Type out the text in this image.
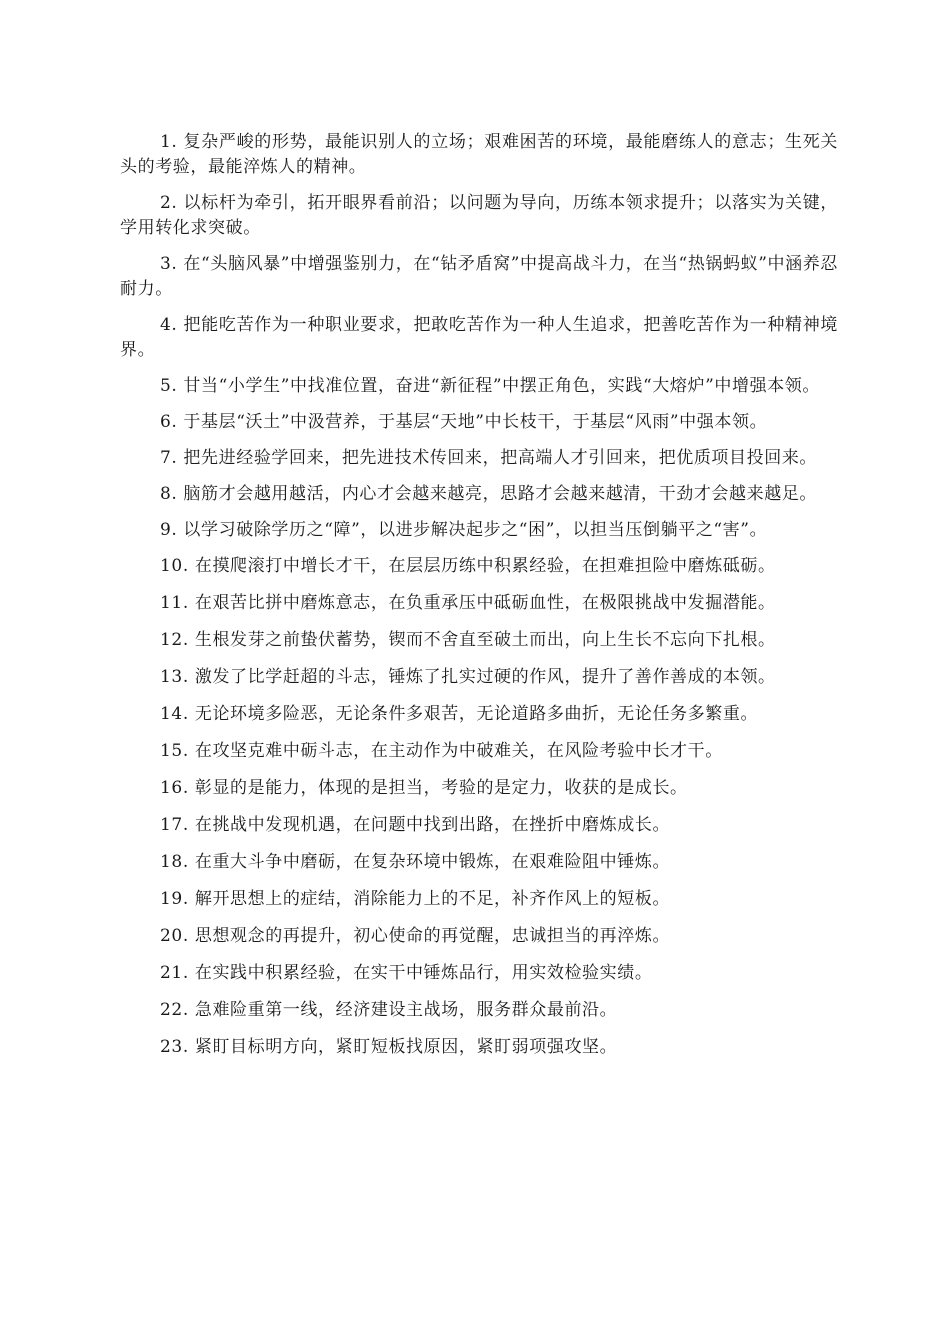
1. 复杂严峻的形势，最能识别人的立场；艰难困苦的环境，最能磨练人的意志；生死关头的考验，最能淬炼人的精神。

2. 以标杆为牵引，拓开眼界看前沿；以问题为导向，历练本领求提升；以落实为关键，学用转化求突破。

3. 在“头脑风暴”中增强鉴别力，在“钻矛盾窝”中提高战斗力，在当“热锅蚂蚁”中涵养忍耐力。

4. 把能吃苦作为一种职业要求，把敢吃苦作为一种人生追求，把善吃苦作为一种精神境界。

5. 甘当“小学生”中找准位置，奋进“新征程”中摆正角色，实践“大熔炉”中增强本领。

6. 于基层“沃土”中汲营养，于基层“天地”中长枝干，于基层“风雨”中强本领。

7. 把先进经验学回来，把先进技术传回来，把高端人才引回来，把优质项目投回来。

8. 脑筋才会越用越活，内心才会越来越亮，思路才会越来越清，干劲才会越来越足。

9. 以学习破除学历之“障”，以进步解决起步之“困”，以担当压倒躺平之“害”。

10. 在摸爬滚打中增长才干，在层层历练中积累经验，在担难担险中磨炼砥砺。

11. 在艰苦比拼中磨炼意志，在负重承压中砥砺血性，在极限挑战中发掘潜能。

12. 生根发芽之前蛰伏蓄势，锲而不舍直至破土而出，向上生长不忘向下扎根。

13. 激发了比学赶超的斗志，锤炼了扎实过硬的作风，提升了善作善成的本领。

14. 无论环境多险恶，无论条件多艰苦，无论道路多曲折，无论任务多繁重。

15. 在攻坚克难中砺斗志，在主动作为中破难关，在风险考验中长才干。

16. 彰显的是能力，体现的是担当，考验的是定力，收获的是成长。

17. 在挑战中发现机遇，在问题中找到出路，在挫折中磨炼成长。

18. 在重大斗争中磨砺，在复杂环境中锻炼，在艰难险阻中锤炼。

19. 解开思想上的症结，消除能力上的不足，补齐作风上的短板。

20. 思想观念的再提升，初心使命的再觉醒，忠诚担当的再淬炼。

21. 在实践中积累经验，在实干中锤炼品行，用实效检验实绩。

22. 急难险重第一线，经济建设主战场，服务群众最前沿。

23. 紧盯目标明方向，紧盯短板找原因，紧盯弱项强攻坚。
